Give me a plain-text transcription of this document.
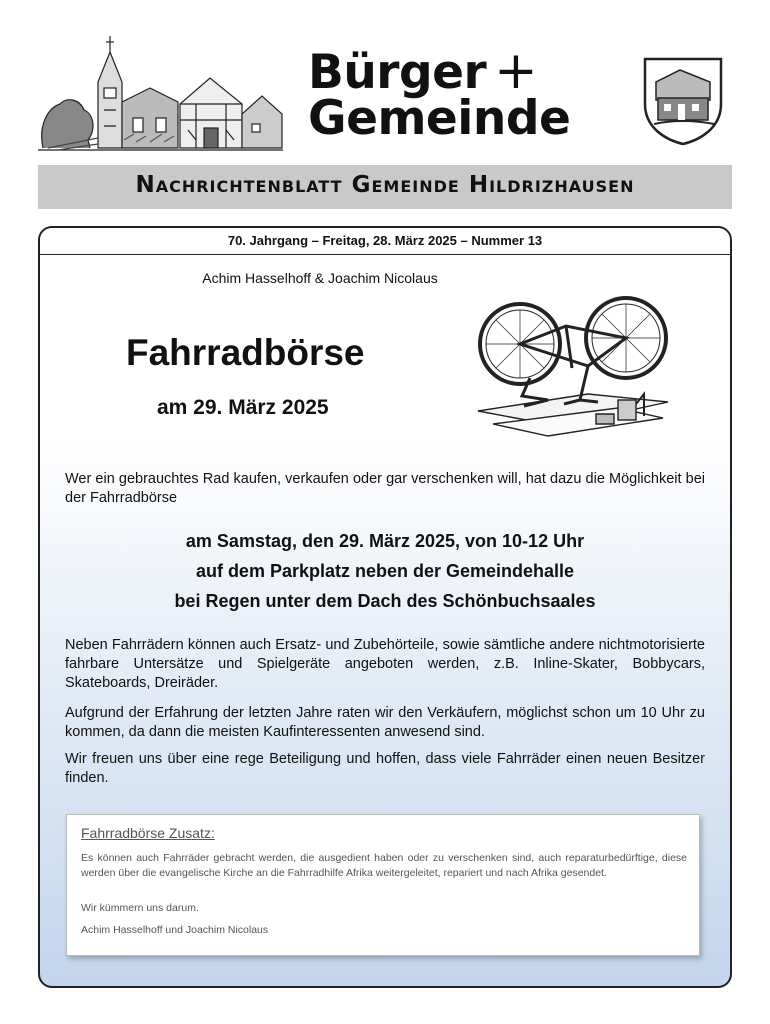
Bürger +
Gemeinde
Nachrichtenblatt Gemeinde Hildrizhausen
70. Jahrgang – Freitag, 28. März 2025 – Nummer 13
Achim Hasselhoff & Joachim Nicolaus
Fahrradbörse
am 29. März 2025
Wer ein gebrauchtes Rad kaufen, verkaufen oder gar verschenken will, hat dazu die Möglichkeit bei der Fahrradbörse
am Samstag, den 29. März 2025, von 10-12 Uhr
auf dem Parkplatz neben der Gemeindehalle
bei Regen unter dem Dach des Schönbuchsaales
Neben Fahrrädern können auch Ersatz- und Zubehörteile, sowie sämtliche andere nichtmotorisierte fahrbare Untersätze und Spielgeräte angeboten werden, z.B. Inline-Skater, Bobbycars, Skateboards, Dreiräder.
Aufgrund der Erfahrung der letzten Jahre raten wir den Verkäufern, möglichst schon um 10 Uhr zu kommen, da dann die meisten Kaufinteressenten anwesend sind.
Wir freuen uns über eine rege Beteiligung und hoffen, dass viele Fahrräder einen neuen Besitzer finden.
Fahrradbörse Zusatz:
Es können auch Fahrräder gebracht werden, die ausgedient haben oder zu verschenken sind, auch reparaturbedürftige, diese werden über die evangelische Kirche an die Fahrradhilfe Afrika weitergeleitet, repariert und nach Afrika gesendet.
Wir kümmern uns darum.
Achim Hasselhoff und Joachim Nicolaus
